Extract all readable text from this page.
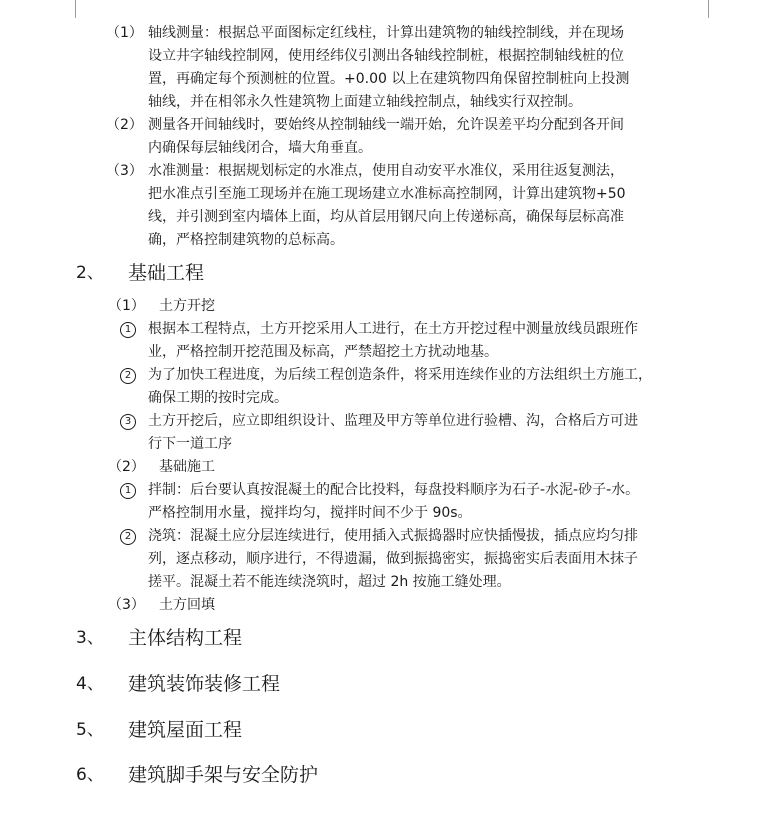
（1） 轴线测量：根据总平面图标定红线柱，计算出建筑物的轴线控制线，并在现场
设立井字轴线控制网，使用经纬仪引测出各轴线控制桩，根据控制轴线桩的位
置，再确定每个预测桩的位置。+0.00 以上在建筑物四角保留控制桩向上投测
轴线，并在相邻永久性建筑物上面建立轴线控制点，轴线实行双控制。
（2） 测量各开间轴线时，要始终从控制轴线一端开始，允许误差平均分配到各开间
内确保每层轴线闭合，墙大角垂直。
（3） 水准测量：根据规划标定的水准点，使用自动安平水准仪，采用往返复测法，
把水准点引至施工现场并在施工现场建立水准标高控制网，计算出建筑物+50
线，并引测到室内墙体上面，均从首层用钢尺向上传递标高，确保每层标高准
确，严格控制建筑物的总标高。
2、 基础工程
（1） 土方开挖
1	根据本工程特点，土方开挖采用人工进行，在土方开挖过程中测量放线员跟班作
业，严格控制开挖范围及标高，严禁超挖土方扰动地基。
2	为了加快工程进度，为后续工程创造条件，将采用连续作业的方法组织土方施工，
确保工期的按时完成。
3	土方开挖后，应立即组织设计、监理及甲方等单位进行验槽、沟，合格后方可进
行下一道工序
（2） 基础施工
1	拌制：后台要认真按混凝土的配合比投料，每盘投料顺序为石子-水泥-砂子-水。
严格控制用水量，搅拌均匀，搅拌时间不少于 90s。
2	浇筑：混凝土应分层连续进行，使用插入式振捣器时应快插慢拔，插点应均匀排
列，逐点移动，顺序进行，不得遗漏，做到振捣密实，振捣密实后表面用木抹子
搓平。混凝土若不能连续浇筑时，超过 2h 按施工缝处理。
（3） 土方回填
3、 主体结构工程
4、 建筑装饰装修工程
5、 建筑屋面工程
6、 建筑脚手架与安全防护
